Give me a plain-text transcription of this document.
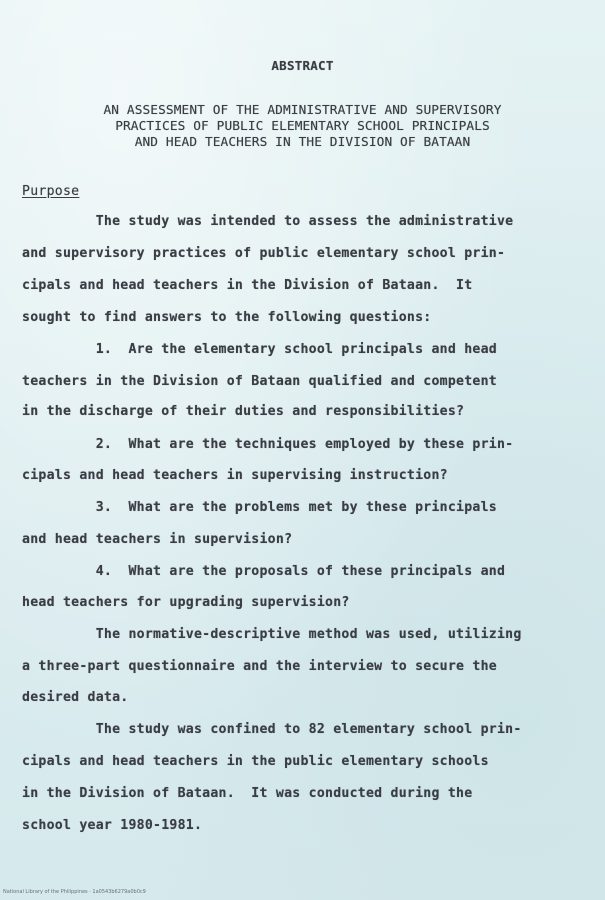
ABSTRACT
AN ASSESSMENT OF THE ADMINISTRATIVE AND SUPERVISORY
PRACTICES OF PUBLIC ELEMENTARY SCHOOL PRINCIPALS
AND HEAD TEACHERS IN THE DIVISION OF BATAAN
Purpose
The study was intended to assess the administrative
and supervisory practices of public elementary school prin-
cipals and head teachers in the Division of Bataan.  It
sought to find answers to the following questions:
1.  Are the elementary school principals and head
teachers in the Division of Bataan qualified and competent
in the discharge of their duties and responsibilities?
2.  What are the techniques employed by these prin-
cipals and head teachers in supervising instruction?
3.  What are the problems met by these principals
and head teachers in supervision?
4.  What are the proposals of these principals and
head teachers for upgrading supervision?
The normative-descriptive method was used, utilizing
a three-part questionnaire and the interview to secure the
desired data.
The study was confined to 82 elementary school prin-
cipals and head teachers in the public elementary schools
in the Division of Bataan.  It was conducted during the
school year 1980-1981.
National Library of the Philippines · 1a0543b6279a0b0c9
